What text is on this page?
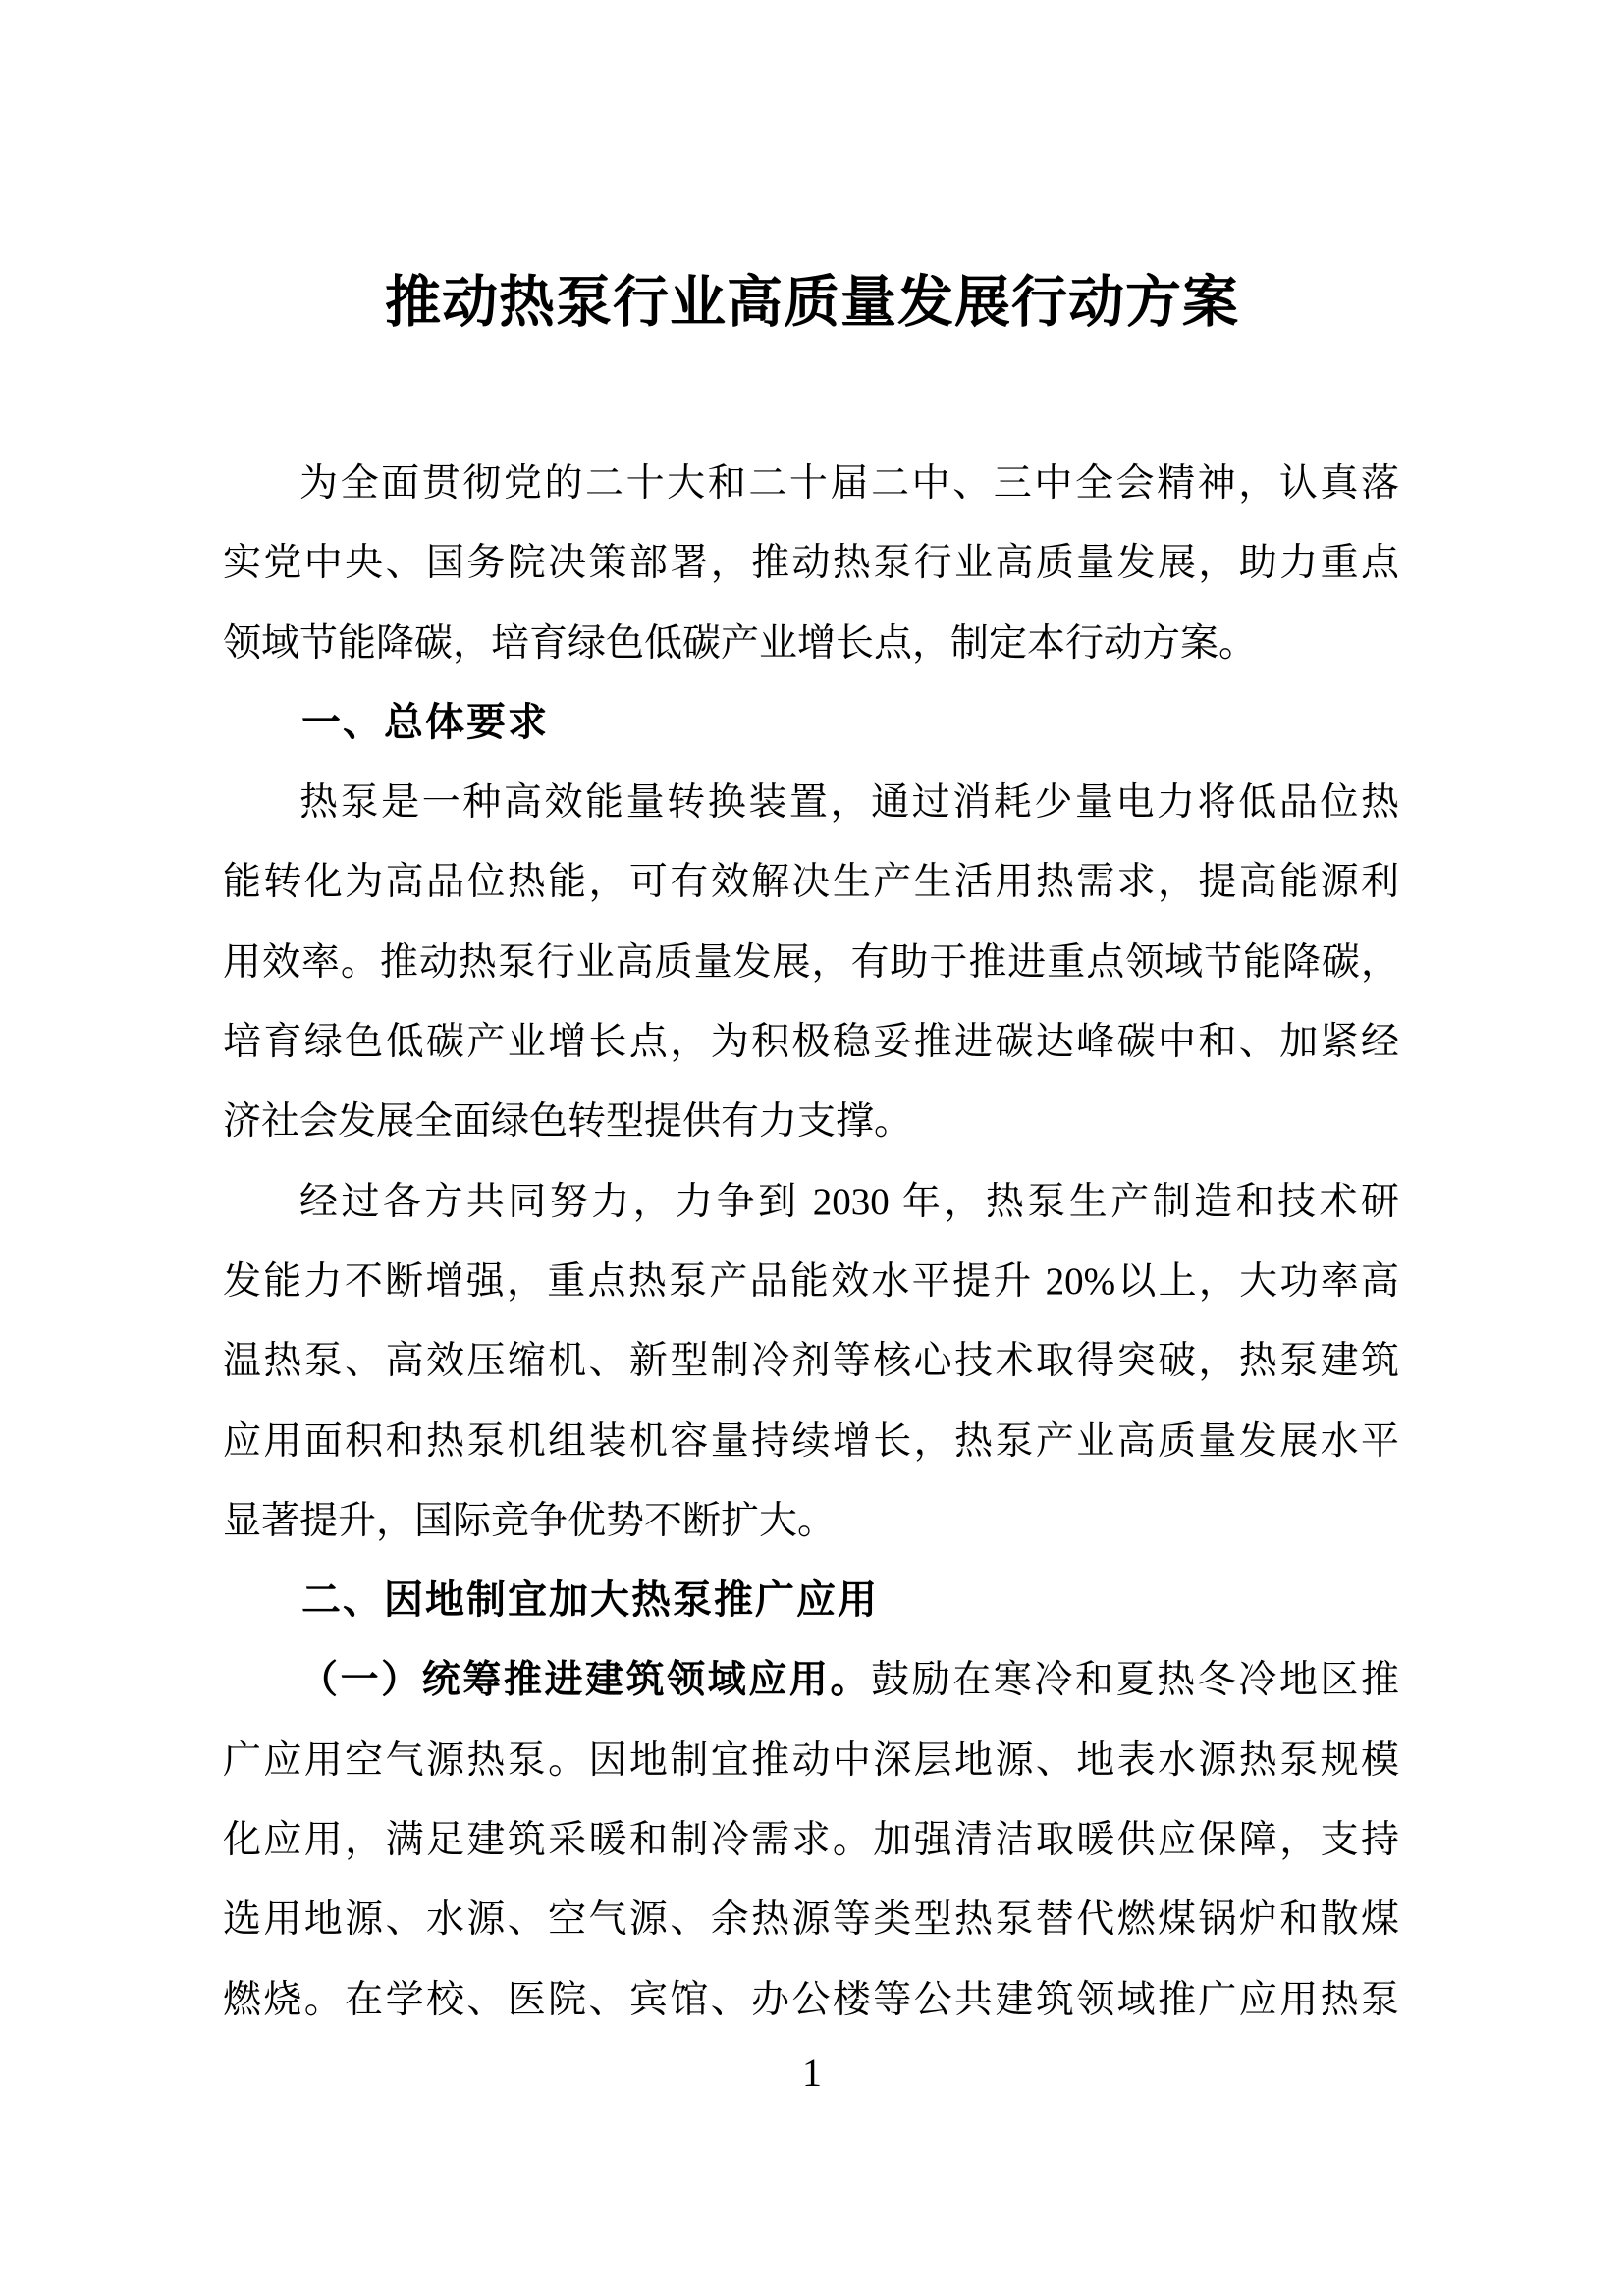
推动热泵行业高质量发展行动方案
为全面贯彻党的二十大和二十届二中、三中全会精神，认真落
实党中央、国务院决策部署，推动热泵行业高质量发展，助力重点
领域节能降碳，培育绿色低碳产业增长点，制定本行动方案。
一、总体要求
热泵是一种高效能量转换装置，通过消耗少量电力将低品位热
能转化为高品位热能，可有效解决生产生活用热需求，提高能源利
用效率。推动热泵行业高质量发展，有助于推进重点领域节能降碳，
培育绿色低碳产业增长点，为积极稳妥推进碳达峰碳中和、加紧经
济社会发展全面绿色转型提供有力支撑。
经过各方共同努力，力争到 2030 年，热泵生产制造和技术研
发能力不断增强，重点热泵产品能效水平提升 20%以上，大功率高
温热泵、高效压缩机、新型制冷剂等核心技术取得突破，热泵建筑
应用面积和热泵机组装机容量持续增长，热泵产业高质量发展水平
显著提升，国际竞争优势不断扩大。
二、因地制宜加大热泵推广应用
（一）统筹推进建筑领域应用。鼓励在寒冷和夏热冬冷地区推
广应用空气源热泵。因地制宜推动中深层地源、地表水源热泵规模
化应用，满足建筑采暖和制冷需求。加强清洁取暖供应保障，支持
选用地源、水源、空气源、余热源等类型热泵替代燃煤锅炉和散煤
燃烧。在学校、医院、宾馆、办公楼等公共建筑领域推广应用热泵
1
